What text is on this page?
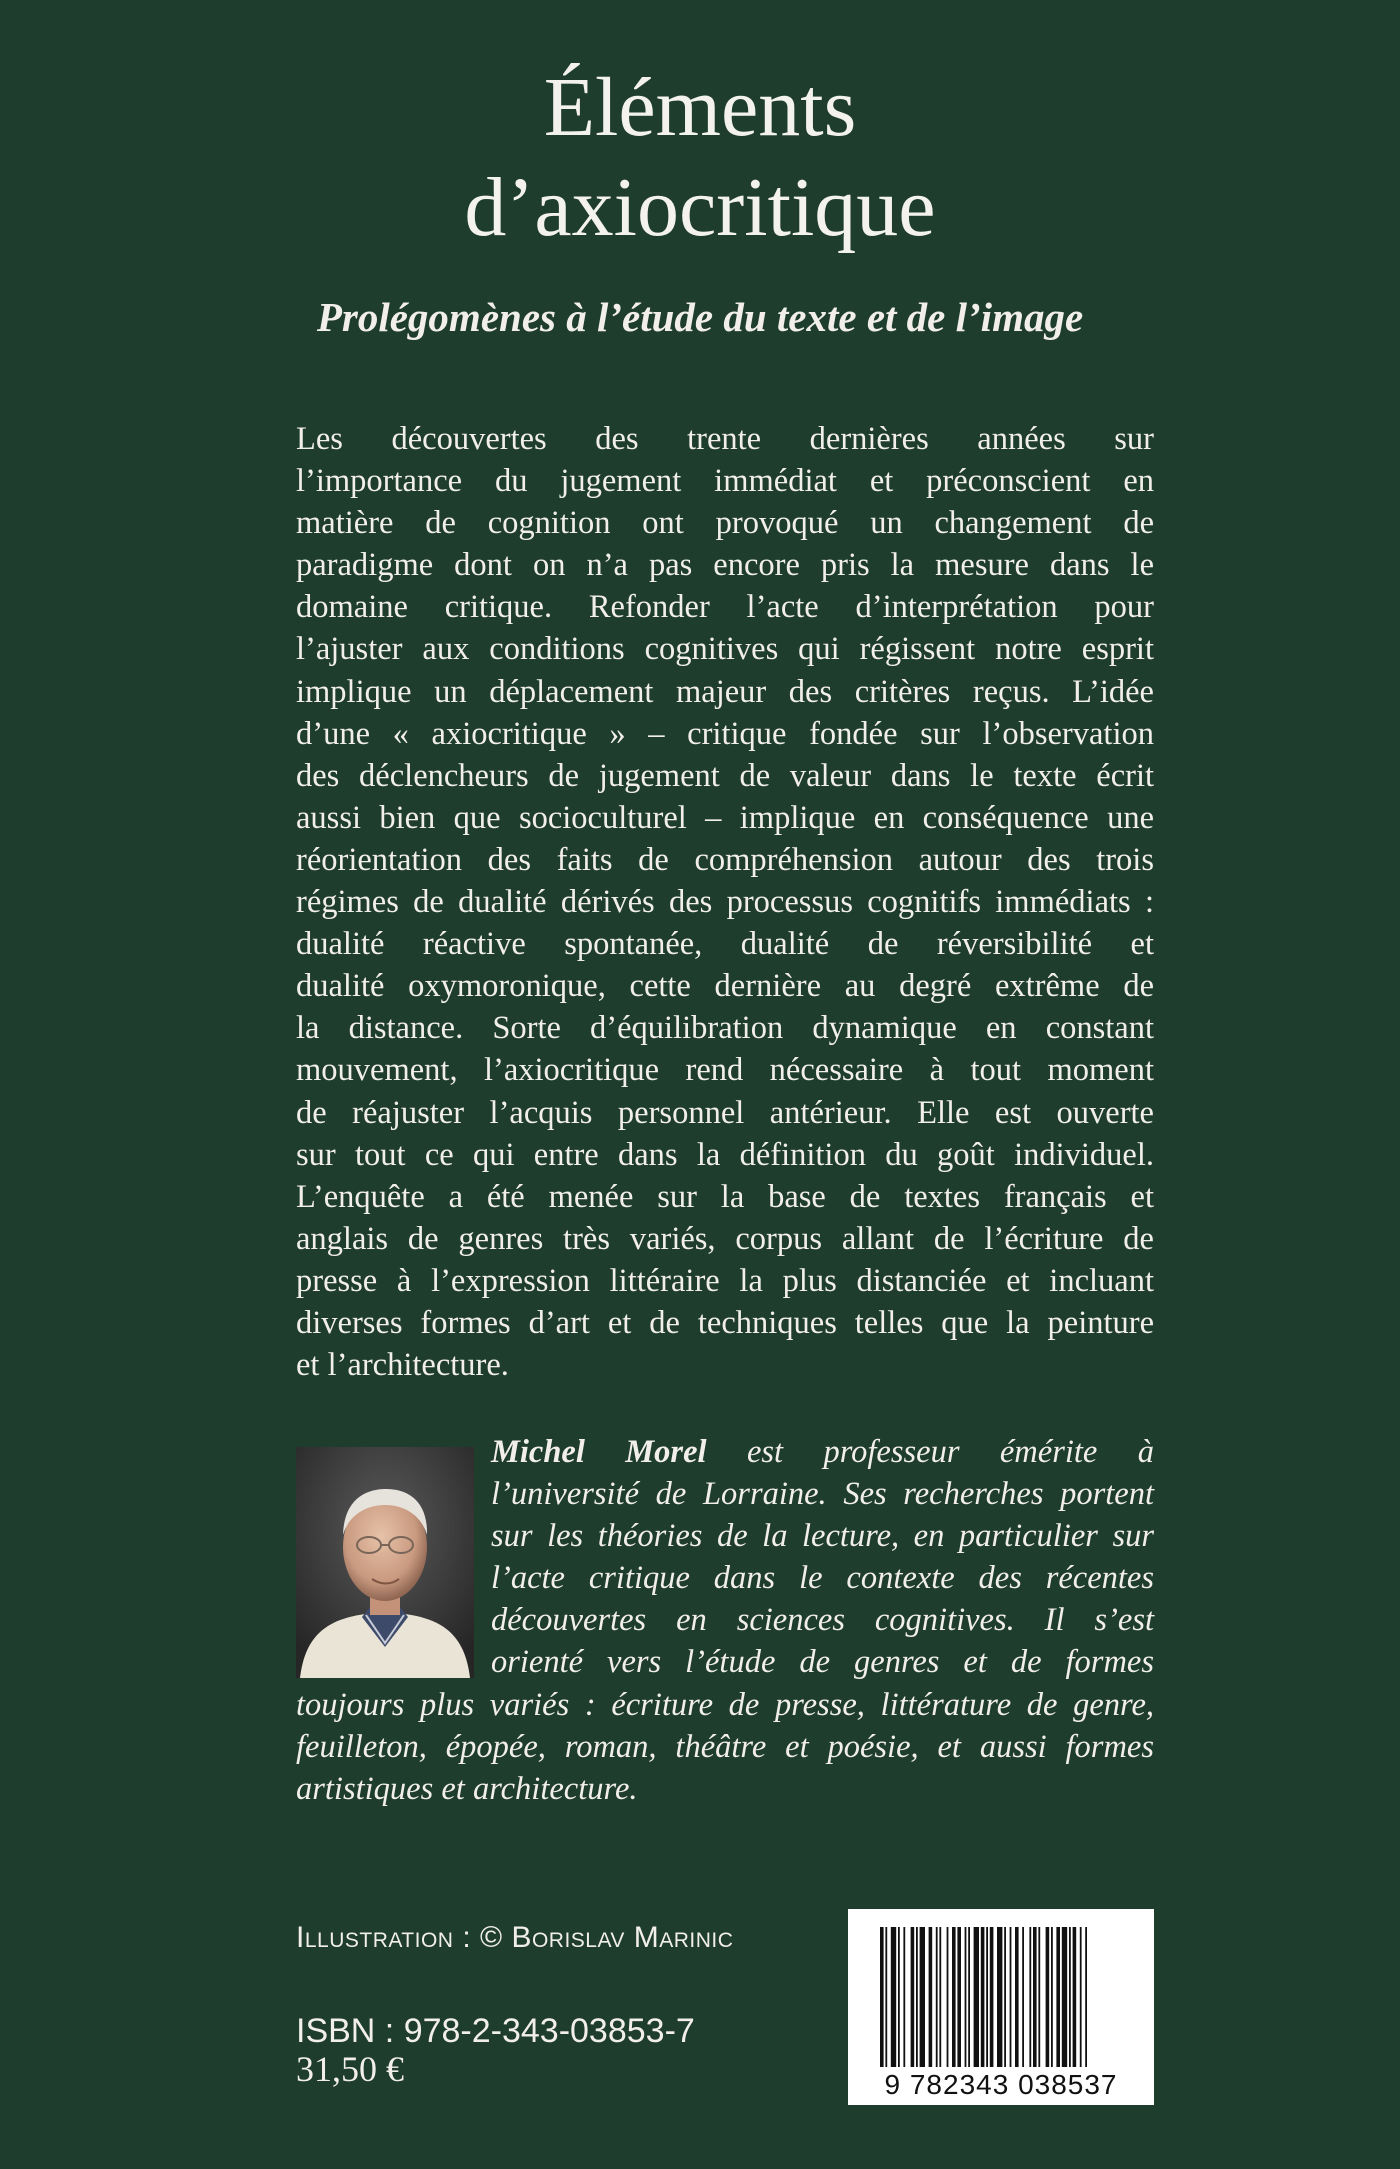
Éléments
d’axiocritique
Prolégomènes à l’étude du texte et de l’image
Les découvertes des trente dernières années sur
l’importance du jugement immédiat et préconscient en
matière de cognition ont provoqué un changement de
paradigme dont on n’a pas encore pris la mesure dans le
domaine critique. Refonder l’acte d’interprétation pour
l’ajuster aux conditions cognitives qui régissent notre esprit
implique un déplacement majeur des critères reçus. L’idée
d’une « axiocritique » – critique fondée sur l’observation
des déclencheurs de jugement de valeur dans le texte écrit
aussi bien que socioculturel – implique en conséquence une
réorientation des faits de compréhension autour des trois
régimes de dualité dérivés des processus cognitifs immédiats :
dualité réactive spontanée, dualité de réversibilité et
dualité oxymoronique, cette dernière au degré extrême de
la distance. Sorte d’équilibration dynamique en constant
mouvement, l’axiocritique rend nécessaire à tout moment
de réajuster l’acquis personnel antérieur. Elle est ouverte
sur tout ce qui entre dans la définition du goût individuel.
L’enquête a été menée sur la base de textes français et
anglais de genres très variés, corpus allant de l’écriture de
presse à l’expression littéraire la plus distanciée et incluant
diverses formes d’art et de techniques telles que la peinture
et l’architecture.
Michel Morel est professeur émérite à
l’université de Lorraine. Ses recherches portent
sur les théories de la lecture, en particulier sur
l’acte critique dans le contexte des récentes
découvertes en sciences cognitives. Il s’est
orienté vers l’étude de genres et de formes
toujours plus variés : écriture de presse, littérature de genre,
feuilleton, épopée, roman, théâtre et poésie, et aussi formes
artistiques et architecture.
Illustration : © Borislav Marinic
ISBN : 978-2-343-03853-7
31,50 €	9 782343 038537
